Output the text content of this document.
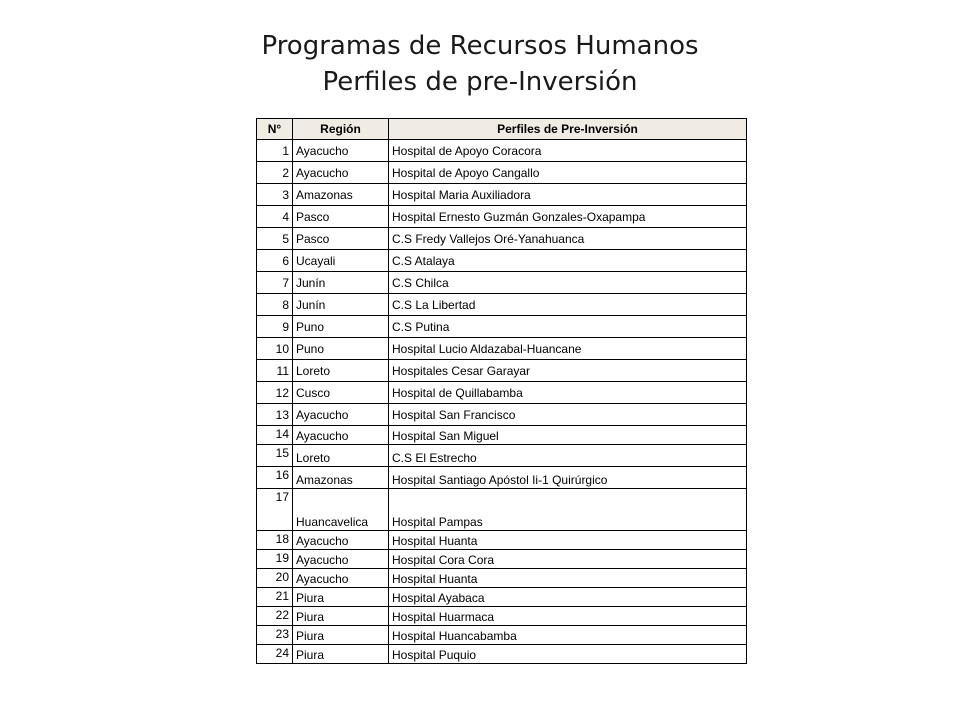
Programas de Recursos Humanos
Perfiles de pre-Inversión
N°	Región	Perfiles de Pre-Inversión
1	Ayacucho	Hospital de Apoyo Coracora
2	Ayacucho	Hospital de Apoyo Cangallo
3	Amazonas	Hospital Maria Auxiliadora
4	Pasco	Hospital Ernesto Guzmán Gonzales-Oxapampa
5	Pasco	C.S Fredy Vallejos Oré-Yanahuanca
6	Ucayali	C.S Atalaya
7	Junín	C.S Chilca
8	Junín	C.S La Libertad
9	Puno	C.S Putina
10	Puno	Hospital Lucio Aldazabal-Huancane
11	Loreto	Hospitales Cesar Garayar
12	Cusco	Hospital de Quillabamba
13	Ayacucho	Hospital San Francisco
14	Ayacucho	Hospital San Miguel
15	Loreto	C.S El Estrecho
16	Amazonas	Hospital Santiago Apóstol Ii-1 Quirúrgico
17	Huancavelica	Hospital Pampas
18	Ayacucho	Hospital Huanta
19	Ayacucho	Hospital Cora Cora
20	Ayacucho	Hospital Huanta
21	Piura	Hospital Ayabaca
22	Piura	Hospital Huarmaca
23	Piura	Hospital Huancabamba
24	Piura	Hospital Puquio
